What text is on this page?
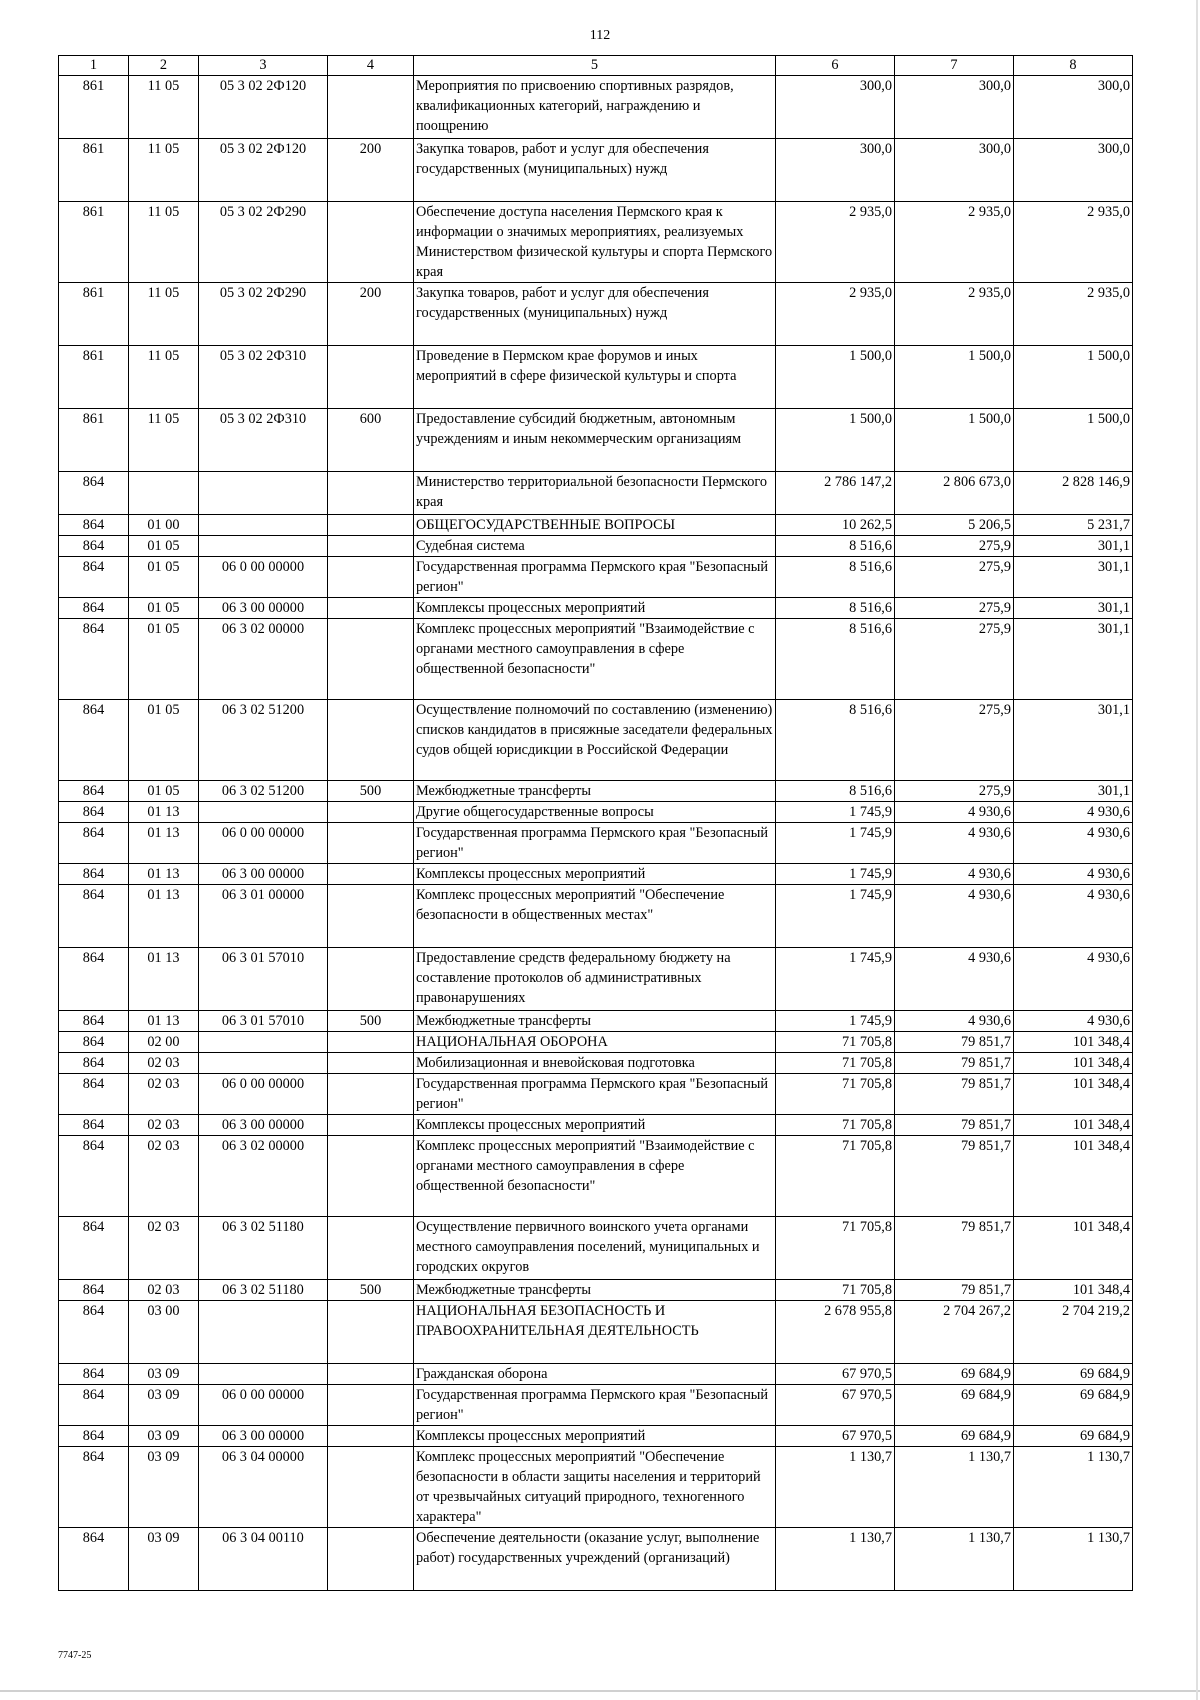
112
1	2	3	4	5	6	7	8
861	11 05	05 3 02 2Ф120		Мероприятия по присвоению спортивных разрядов, квалификационных категорий, награждению и поощрению	300,0	300,0	300,0
861	11 05	05 3 02 2Ф120	200	Закупка товаров, работ и услуг для обеспечения государственных (муниципальных) нужд	300,0	300,0	300,0
861	11 05	05 3 02 2Ф290		Обеспечение доступа населения Пермского края к информации о значимых мероприятиях, реализуемых Министерством физической культуры и спорта Пермского края	2 935,0	2 935,0	2 935,0
861	11 05	05 3 02 2Ф290	200	Закупка товаров, работ и услуг для обеспечения государственных (муниципальных) нужд	2 935,0	2 935,0	2 935,0
861	11 05	05 3 02 2Ф310		Проведение в Пермском крае форумов и иных мероприятий в сфере физической культуры и спорта	1 500,0	1 500,0	1 500,0
861	11 05	05 3 02 2Ф310	600	Предоставление субсидий бюджетным, автономным учреждениям и иным некоммерческим организациям	1 500,0	1 500,0	1 500,0
864				Министерство территориальной безопасности Пермского края	2 786 147,2	2 806 673,0	2 828 146,9
864	01 00			ОБЩЕГОСУДАРСТВЕННЫЕ ВОПРОСЫ	10 262,5	5 206,5	5 231,7
864	01 05			Судебная система	8 516,6	275,9	301,1
864	01 05	06 0 00 00000		Государственная программа Пермского края "Безопасный регион"	8 516,6	275,9	301,1
864	01 05	06 3 00 00000		Комплексы процессных мероприятий	8 516,6	275,9	301,1
864	01 05	06 3 02 00000		Комплекс процессных мероприятий "Взаимодействие с органами местного самоуправления в сфере общественной безопасности"	8 516,6	275,9	301,1
864	01 05	06 3 02 51200		Осуществление полномочий по составлению (изменению) списков кандидатов в присяжные заседатели федеральных судов общей юрисдикции в Российской Федерации	8 516,6	275,9	301,1
864	01 05	06 3 02 51200	500	Межбюджетные трансферты	8 516,6	275,9	301,1
864	01 13			Другие общегосударственные вопросы	1 745,9	4 930,6	4 930,6
864	01 13	06 0 00 00000		Государственная программа Пермского края "Безопасный регион"	1 745,9	4 930,6	4 930,6
864	01 13	06 3 00 00000		Комплексы процессных мероприятий	1 745,9	4 930,6	4 930,6
864	01 13	06 3 01 00000		Комплекс процессных мероприятий "Обеспечение безопасности в общественных местах"	1 745,9	4 930,6	4 930,6
864	01 13	06 3 01 57010		Предоставление средств федеральному бюджету на составление протоколов об административных правонарушениях	1 745,9	4 930,6	4 930,6
864	01 13	06 3 01 57010	500	Межбюджетные трансферты	1 745,9	4 930,6	4 930,6
864	02 00			НАЦИОНАЛЬНАЯ ОБОРОНА	71 705,8	79 851,7	101 348,4
864	02 03			Мобилизационная и вневойсковая подготовка	71 705,8	79 851,7	101 348,4
864	02 03	06 0 00 00000		Государственная программа Пермского края "Безопасный регион"	71 705,8	79 851,7	101 348,4
864	02 03	06 3 00 00000		Комплексы процессных мероприятий	71 705,8	79 851,7	101 348,4
864	02 03	06 3 02 00000		Комплекс процессных мероприятий "Взаимодействие с органами местного самоуправления в сфере общественной безопасности"	71 705,8	79 851,7	101 348,4
864	02 03	06 3 02 51180		Осуществление первичного воинского учета органами местного самоуправления поселений, муниципальных и городских округов	71 705,8	79 851,7	101 348,4
864	02 03	06 3 02 51180	500	Межбюджетные трансферты	71 705,8	79 851,7	101 348,4
864	03 00			НАЦИОНАЛЬНАЯ БЕЗОПАСНОСТЬ И ПРАВООХРАНИТЕЛЬНАЯ ДЕЯТЕЛЬНОСТЬ	2 678 955,8	2 704 267,2	2 704 219,2
864	03 09			Гражданская оборона	67 970,5	69 684,9	69 684,9
864	03 09	06 0 00 00000		Государственная программа Пермского края "Безопасный регион"	67 970,5	69 684,9	69 684,9
864	03 09	06 3 00 00000		Комплексы процессных мероприятий	67 970,5	69 684,9	69 684,9
864	03 09	06 3 04 00000		Комплекс процессных мероприятий "Обеспечение безопасности в области защиты населения и территорий от чрезвычайных ситуаций природного, техногенного характера"	1 130,7	1 130,7	1 130,7
864	03 09	06 3 04 00110		Обеспечение деятельности (оказание услуг, выполнение работ) государственных учреждений (организаций)	1 130,7	1 130,7	1 130,7
7747-25
